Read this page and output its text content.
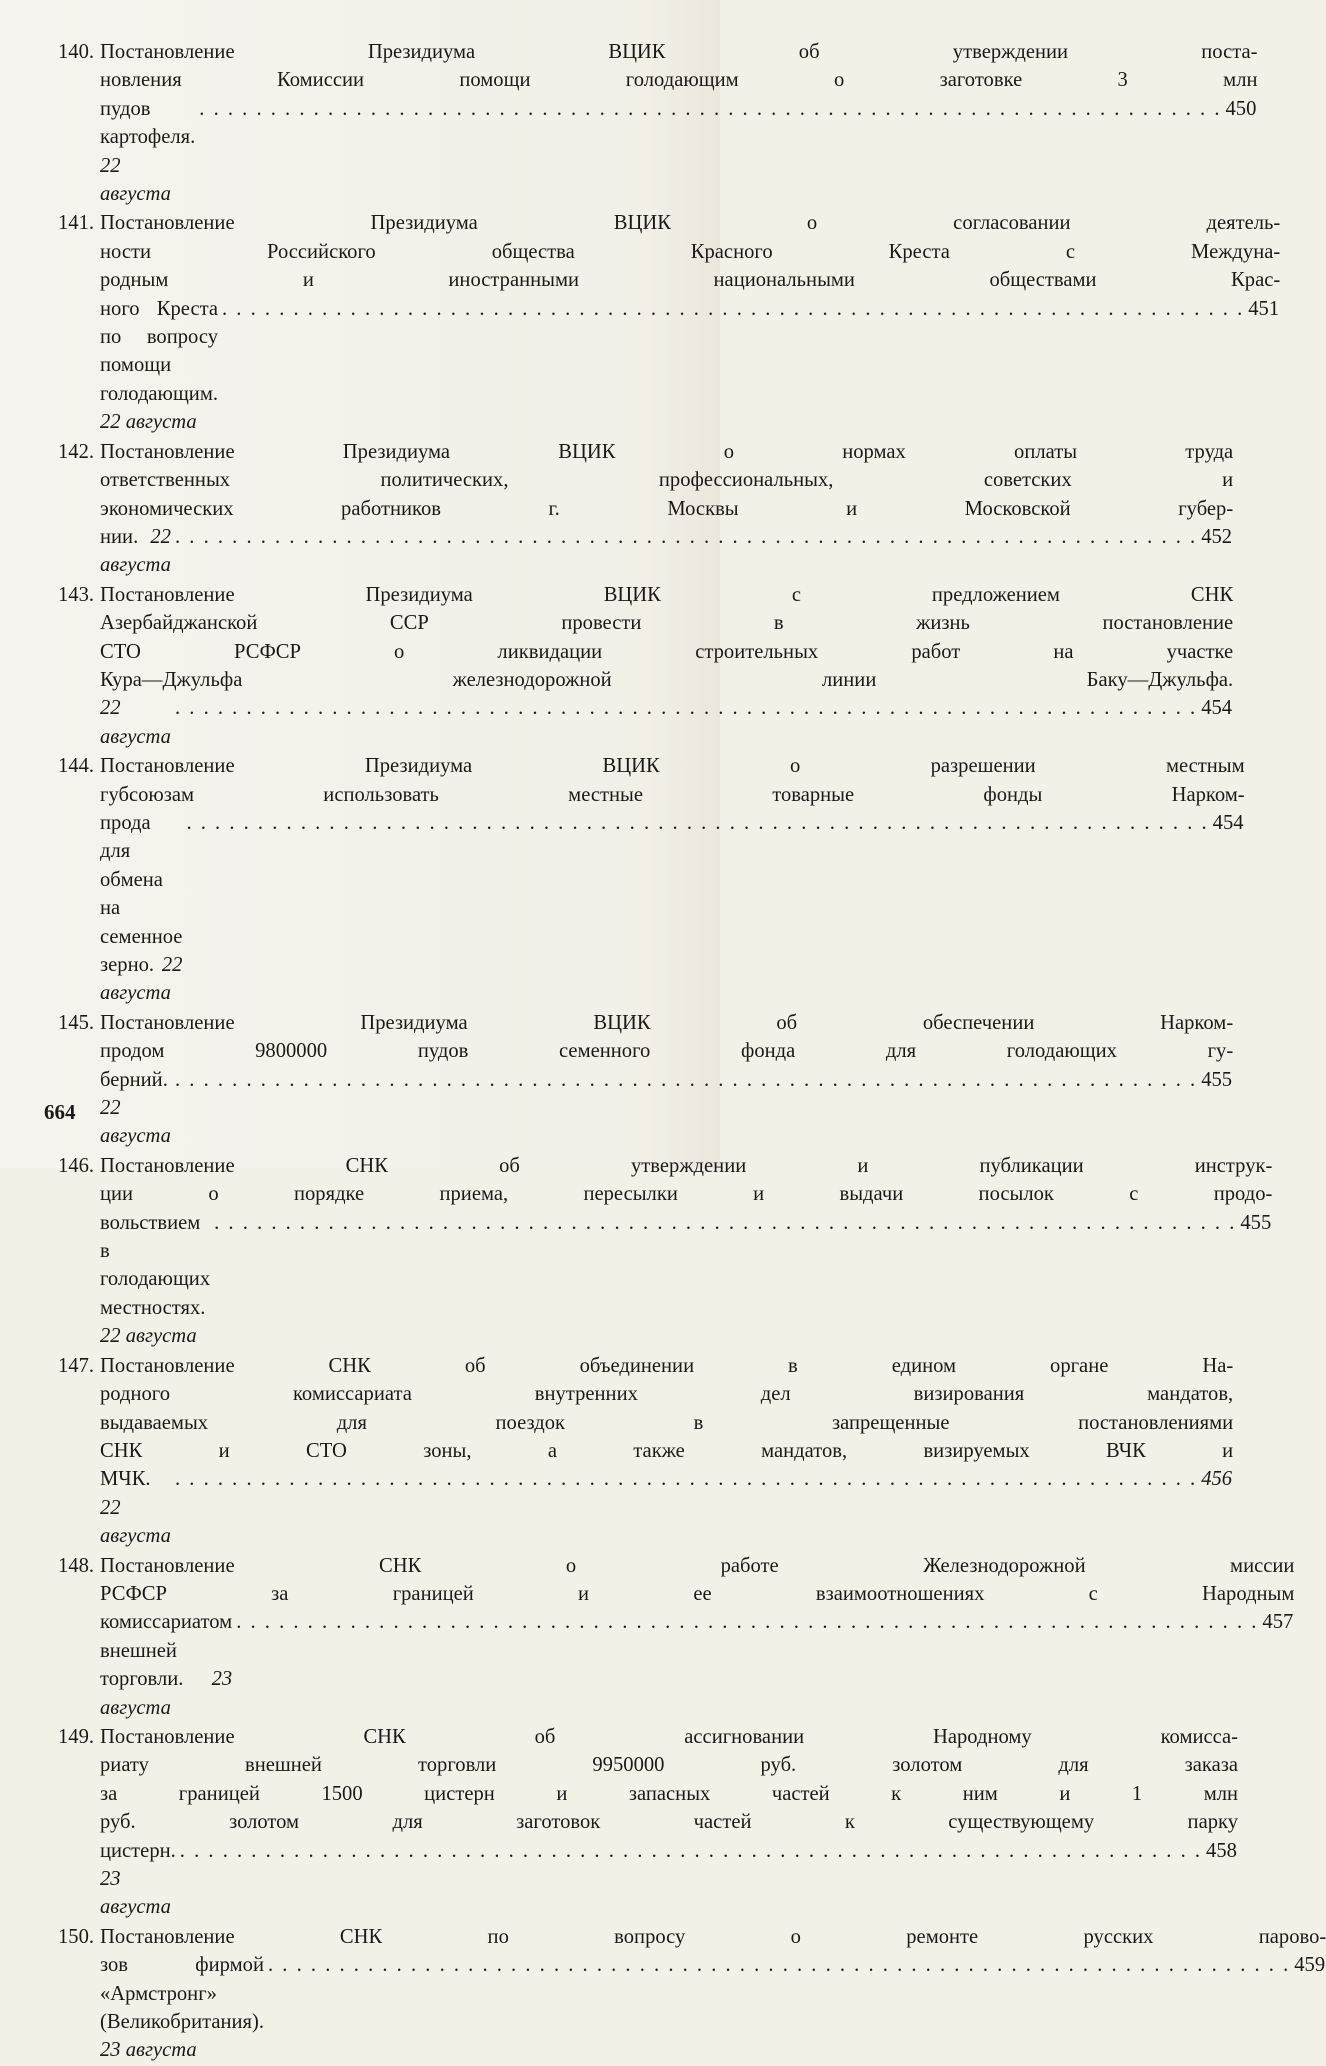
140. Постановление Президиума ВЦИК об утверждении поста-
новления Комиссии помощи голодающим о заготовке 3 млн
пудов картофеля. 22 августа
. . .
450
141. Постановление Президиума ВЦИК о согласовании деятель-
ности Российского общества Красного Креста с Междуна-
родным и иностранными национальными обществами Крас-
ного Креста по вопросу помощи голодающим. 22 августа
. . .
451
142. Постановление Президиума ВЦИК о нормах оплаты труда
ответственных политических, профессиональных, советских и
экономических работников г. Москвы и Московской губер-
нии. 22 августа
. . .
452
143. Постановление Президиума ВЦИК с предложением СНК
Азербайджанской ССР провести в жизнь постановление
СТО РСФСР о ликвидации строительных работ на участке
Кура—Джульфа железнодорожной линии Баку—Джульфа.
22 августа
. . .
454
144. Постановление Президиума ВЦИК о разрешении местным
губсоюзам использовать местные товарные фонды Нарком-
прода для обмена на семенное зерно. 22 августа
. . .
454
145. Постановление Президиума ВЦИК об обеспечении Нарком-
продом 9800000 пудов семенного фонда для голодающих гу-
берний. 22 августа
. . .
455
146. Постановление СНК об утверждении и публикации инструк-
ции о порядке приема, пересылки и выдачи посылок с продо-
вольствием в голодающих местностях. 22 августа
. . .
455
147. Постановление СНК об объединении в едином органе На-
родного комиссариата внутренних дел визирования мандатов,
выдаваемых для поездок в запрещенные постановлениями
СНК и СТО зоны, а также мандатов, визируемых ВЧК и
МЧК. 22 августа
. . .
456
148. Постановление СНК о работе Железнодорожной миссии
РСФСР за границей и ее взаимоотношениях с Народным
комиссариатом внешней торговли. 23 августа
. . .
457
149. Постановление СНК об ассигновании Народному комисса-
риату внешней торговли 9950000 руб. золотом для заказа
за границей 1500 цистерн и запасных частей к ним и 1 млн
руб. золотом для заготовок частей к существующему парку
цистерн. 23 августа
. . .
458
150. Постановление СНК по вопросу о ремонте русских парово-
зов фирмой «Армстронг» (Великобритания). 23 августа
. . .
459
664
